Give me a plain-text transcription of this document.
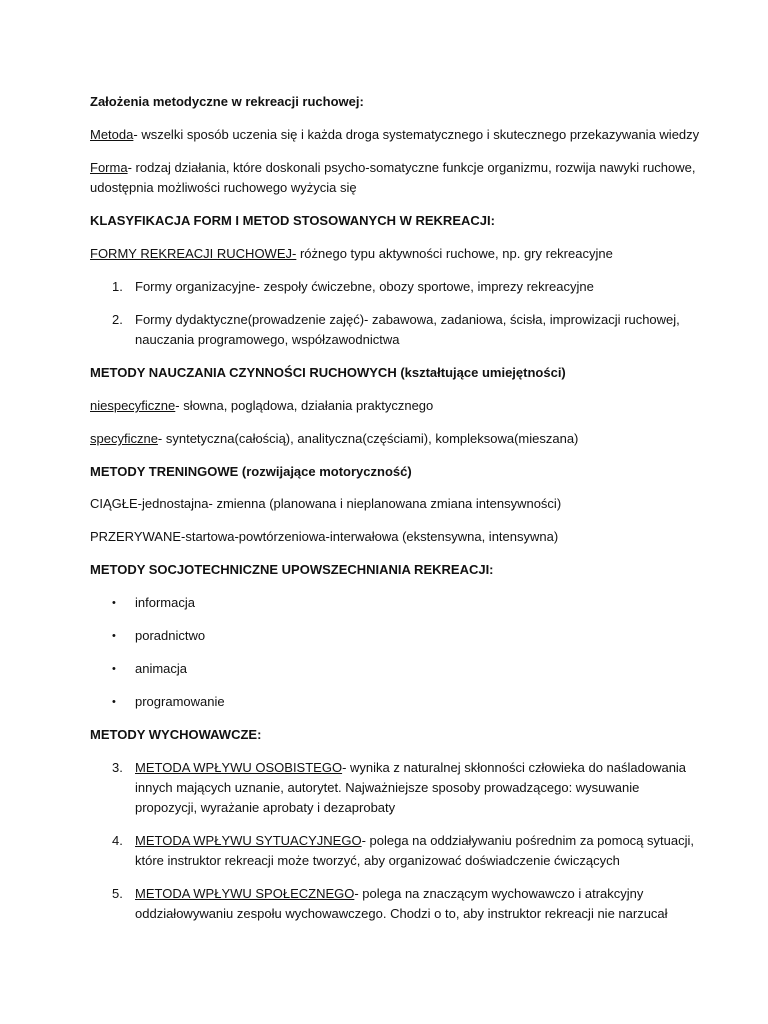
Założenia metodyczne w rekreacji ruchowej:
Metoda- wszelki sposób uczenia się i każda droga systematycznego i skutecznego przekazywania wiedzy
Forma- rodzaj działania, które doskonali psycho-somatyczne funkcje organizmu, rozwija nawyki ruchowe,
udostępnia możliwości ruchowego wyżycia się
KLASYFIKACJA FORM I METOD STOSOWANYCH W REKREACJI:
FORMY REKREACJI RUCHOWEJ- różnego typu aktywności ruchowe, np. gry rekreacyjne
1. Formy organizacyjne- zespoły ćwiczebne, obozy sportowe, imprezy rekreacyjne
2. Formy dydaktyczne(prowadzenie zajęć)- zabawowa, zadaniowa, ścisła, improwizacji ruchowej,
nauczania programowego, współzawodnictwa
METODY NAUCZANIA CZYNNOŚCI RUCHOWYCH (kształtujące umiejętności)
niespecyficzne- słowna, poglądowa, działania praktycznego
specyficzne- syntetyczna(całością), analityczna(częściami), kompleksowa(mieszana)
METODY TRENINGOWE (rozwijające motoryczność)
CIĄGŁE-jednostajna- zmienna (planowana i nieplanowana zmiana intensywności)
PRZERYWANE-startowa-powtórzeniowa-interwałowa (ekstensywna, intensywna)
METODY SOCJOTECHNICZNE UPOWSZECHNIANIA REKREACJI:
• informacja
• poradnictwo
• animacja
• programowanie
METODY WYCHOWAWCZE:
3. METODA WPŁYWU OSOBISTEGO- wynika z naturalnej skłonności człowieka do naśladowania
innych mających uznanie, autorytet. Najważniejsze sposoby prowadzącego: wysuwanie
propozycji, wyrażanie aprobaty i dezaprobaty
4. METODA WPŁYWU SYTUACYJNEGO- polega na oddziaływaniu pośrednim za pomocą sytuacji,
które instruktor rekreacji może tworzyć, aby organizować doświadczenie ćwiczących
5. METODA WPŁYWU SPOŁECZNEGO- polega na znaczącym wychowawczo i atrakcyjny
oddziałowywaniu zespołu wychowawczego. Chodzi o to, aby instruktor rekreacji nie narzucał
